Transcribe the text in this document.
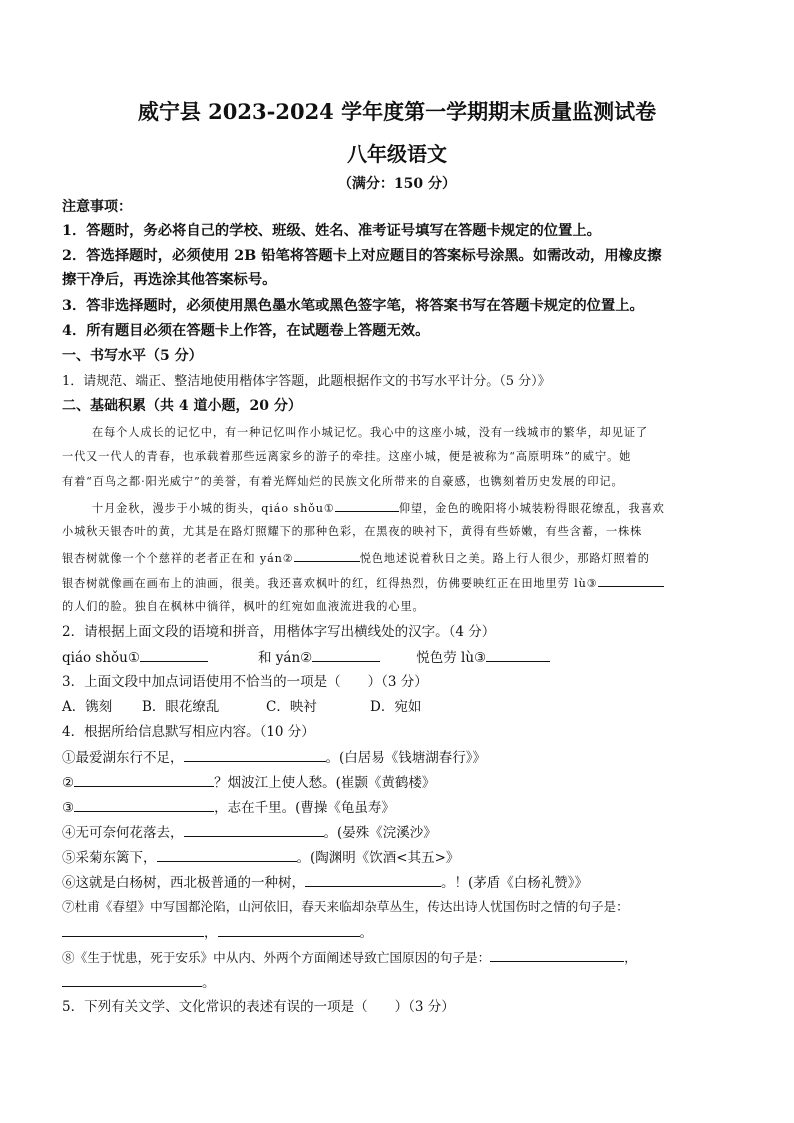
威宁县 2023-2024 学年度第一学期期末质量监测试卷
八年级语文
（满分：150 分）
注意事项：
1．答题时，务必将自己的学校、班级、姓名、准考证号填写在答题卡规定的位置上。
2．答选择题时，必须使用 2B 铅笔将答题卡上对应题目的答案标号涂黑。如需改动，用橡皮擦
擦干净后，再选涂其他答案标号。
3．答非选择题时，必须使用黑色墨水笔或黑色签字笔，将答案书写在答题卡规定的位置上。
4．所有题目必须在答题卡上作答，在试题卷上答题无效。
一、书写水平（5 分）
1．请规范、端正、整洁地使用楷体字答题，此题根据作文的书写水平计分。（5 分）》
二、基础积累（共 4 道小题，20 分）
在每个人成长的记忆中，有一种记忆叫作小城记忆。我心中的这座小城，没有一线城市的繁华，却见证了
一代又一代人的青春，也承载着那些远离家乡的游子的牵挂。这座小城，便是被称为“高原明珠”的威宁。她
有着“百鸟之都·阳光威宁”的美誉，有着光辉灿烂的民族文化所带来的自豪感，也镌刻着历史发展的印记。
十月金秋，漫步于小城的街头，qiáo shǒu①	仰望，金色的晚阳将小城装粉得眼花缭乱，我喜欢
小城秋天银杏叶的黄，尤其是在路灯照耀下的那种色彩，在黑夜的映衬下，黄得有些娇嫩，有些含蓄，一株株
银杏树就像一个个慈祥的老者正在和 yán②	悦色地述说着秋日之美。路上行人很少，那路灯照着的
银杏树就像画在画布上的油画，很美。我还喜欢枫叶的红，红得热烈，仿佛要映红正在田地里劳 lù③
的人们的脸。独自在枫林中徜徉，枫叶的红宛如血液流进我的心里。
2．请根据上面文段的语境和拼音，用楷体字写出横线处的汉字。（4 分）
qiáo shǒu①	和 yán②	悦色劳 lù③
3．上面文段中加点词语使用不恰当的一项是（　　）（3 分）
A．镌刻 B．眼花缭乱	C．映衬	D．宛如
4．根据所给信息默写相应内容。（10 分）
①最爱湖东行不足，	。(白居易《钱塘湖春行》》
②	？烟波江上使人愁。(崔颢《黄鹤楼》
③	，志在千里。(曹操《龟虽寿》
④无可奈何花落去，	。(晏殊《浣溪沙》
⑤采菊东篱下，	。(陶渊明《饮酒<其五>》
⑥这就是白杨树，西北极普通的一种树，	。！(茅盾《白杨礼赞》》
⑦杜甫《春望》中写国都沦陷，山河依旧，春天来临却杂草丛生，传达出诗人忧国伤时之情的句子是：
，	。
⑧《生于忧患，死于安乐》中从内、外两个方面阐述导致亡国原因的句子是：	，
。
5．下列有关文学、文化常识的表述有误的一项是（　　）（3 分）
